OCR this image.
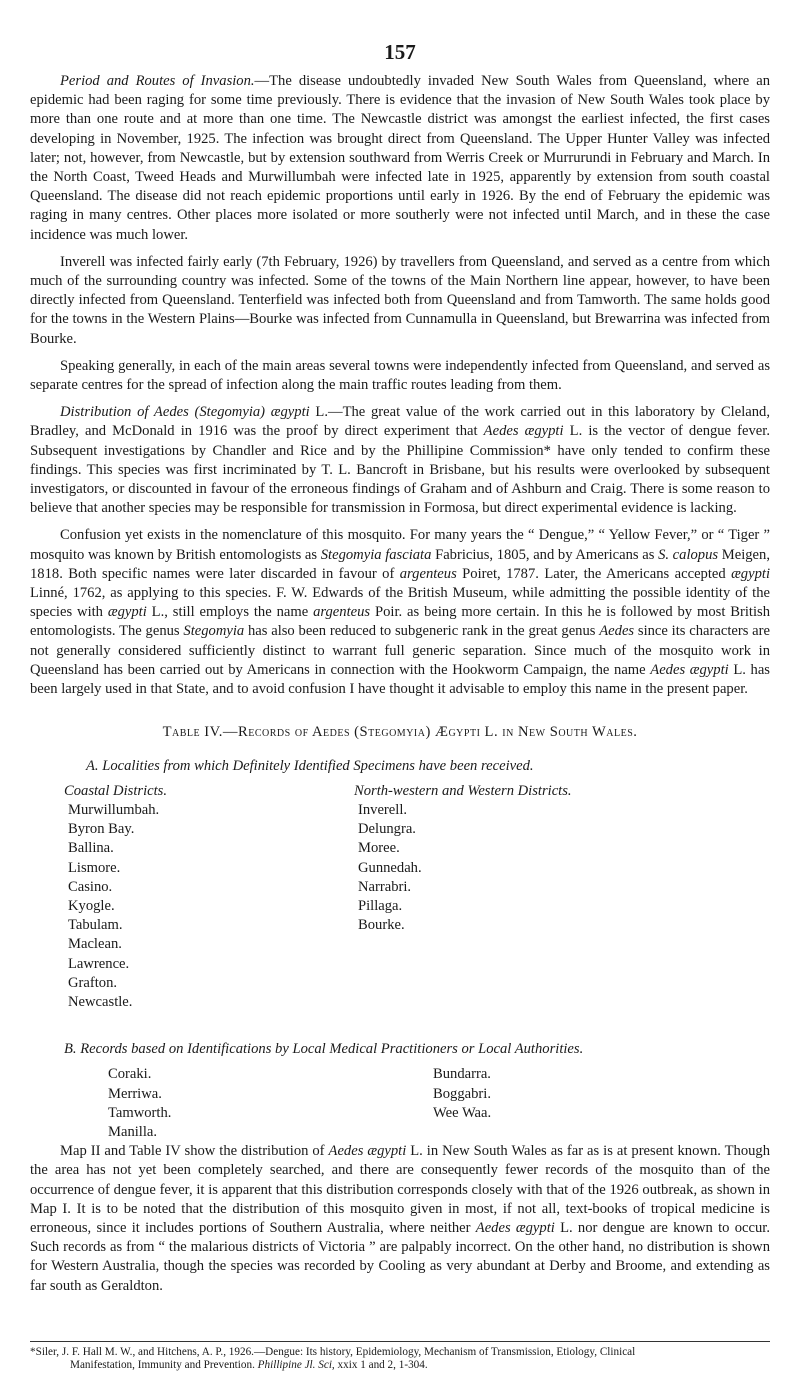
157

Period and Routes of Invasion.—The disease undoubtedly invaded New South Wales from Queensland, where an epidemic had been raging for some time previously. There is evidence that the invasion of New South Wales took place by more than one route and at more than one time. The Newcastle district was amongst the earliest infected, the first cases developing in November, 1925. The infection was brought direct from Queensland. The Upper Hunter Valley was infected later; not, however, from Newcastle, but by extension southward from Werris Creek or Murrurundi in February and March. In the North Coast, Tweed Heads and Murwillumbah were infected late in 1925, apparently by extension from south coastal Queensland. The disease did not reach epidemic proportions until early in 1926. By the end of February the epidemic was raging in many centres. Other places more isolated or more southerly were not infected until March, and in these the case incidence was much lower.

Inverell was infected fairly early (7th February, 1926) by travellers from Queensland, and served as a centre from which much of the surrounding country was infected. Some of the towns of the Main Northern line appear, however, to have been directly infected from Queensland. Tenterfield was infected both from Queensland and from Tamworth. The same holds good for the towns in the Western Plains—Bourke was infected from Cunnamulla in Queensland, but Brewarrina was infected from Bourke.

Speaking generally, in each of the main areas several towns were independently infected from Queensland, and served as separate centres for the spread of infection along the main traffic routes leading from them.

Distribution of Aedes (Stegomyia) ægypti L.—The great value of the work carried out in this laboratory by Cleland, Bradley, and McDonald in 1916 was the proof by direct experiment that Aedes ægypti L. is the vector of dengue fever. Subsequent investigations by Chandler and Rice and by the Phillipine Commission* have only tended to confirm these findings. This species was first incriminated by T. L. Bancroft in Brisbane, but his results were overlooked by subsequent investigators, or discounted in favour of the erroneous findings of Graham and of Ashburn and Craig. There is some reason to believe that another species may be responsible for transmission in Formosa, but direct experimental evidence is lacking.

Confusion yet exists in the nomenclature of this mosquito. For many years the “ Dengue,” “ Yellow Fever,” or “ Tiger ” mosquito was known by British entomologists as Stegomyia fasciata Fabricius, 1805, and by Americans as S. calopus Meigen, 1818. Both specific names were later discarded in favour of argenteus Poiret, 1787. Later, the Americans accepted ægypti Linné, 1762, as applying to this species. F. W. Edwards of the British Museum, while admitting the possible identity of the species with ægypti L., still employs the name argenteus Poir. as being more certain. In this he is followed by most British entomologists. The genus Stegomyia has also been reduced to subgeneric rank in the great genus Aedes since its characters are not generally considered sufficiently distinct to warrant full generic separation. Since much of the mosquito work in Queensland has been carried out by Americans in connection with the Hookworm Campaign, the name Aedes ægypti L. has been largely used in that State, and to avoid confusion I have thought it advisable to employ this name in the present paper.

Table IV.—Records of Aedes (Stegomyia) Ægypti L. in New South Wales.
A. Localities from which Definitely Identified Specimens have been received.
Coastal Districts.
Murwillumbah.
Byron Bay.
Ballina.
Lismore.
Casino.
Kyogle.
Tabulam.
Maclean.
Lawrence.
Grafton.
Newcastle.
North-western and Western Districts.
Inverell.
Delungra.
Moree.
Gunnedah.
Narrabri.
Pillaga.
Bourke.
B. Records based on Identifications by Local Medical Practitioners or Local Authorities.
Coraki.
Merriwa.
Tamworth.
Manilla.
Bundarra.
Boggabri.
Wee Waa.

Map II and Table IV show the distribution of Aedes ægypti L. in New South Wales as far as is at present known. Though the area has not yet been completely searched, and there are consequently fewer records of the mosquito than of the occurrence of dengue fever, it is apparent that this distribution corresponds closely with that of the 1926 outbreak, as shown in Map I. It is to be noted that the distribution of this mosquito given in most, if not all, text-books of tropical medicine is erroneous, since it includes portions of Southern Australia, where neither Aedes ægypti L. nor dengue are known to occur. Such records as from “ the malarious districts of Victoria ” are palpably incorrect. On the other hand, no distribution is shown for Western Australia, though the species was recorded by Cooling as very abundant at Derby and Broome, and extending as far south as Geraldton.

*Siler, J. F. Hall M. W., and Hitchens, A. P., 1926.—Dengue: Its history, Epidemiology, Mechanism of Transmission, Etiology, Clinical
Manifestation, Immunity and Prevention. Phillipine Jl. Sci, xxix 1 and 2, 1-304.
